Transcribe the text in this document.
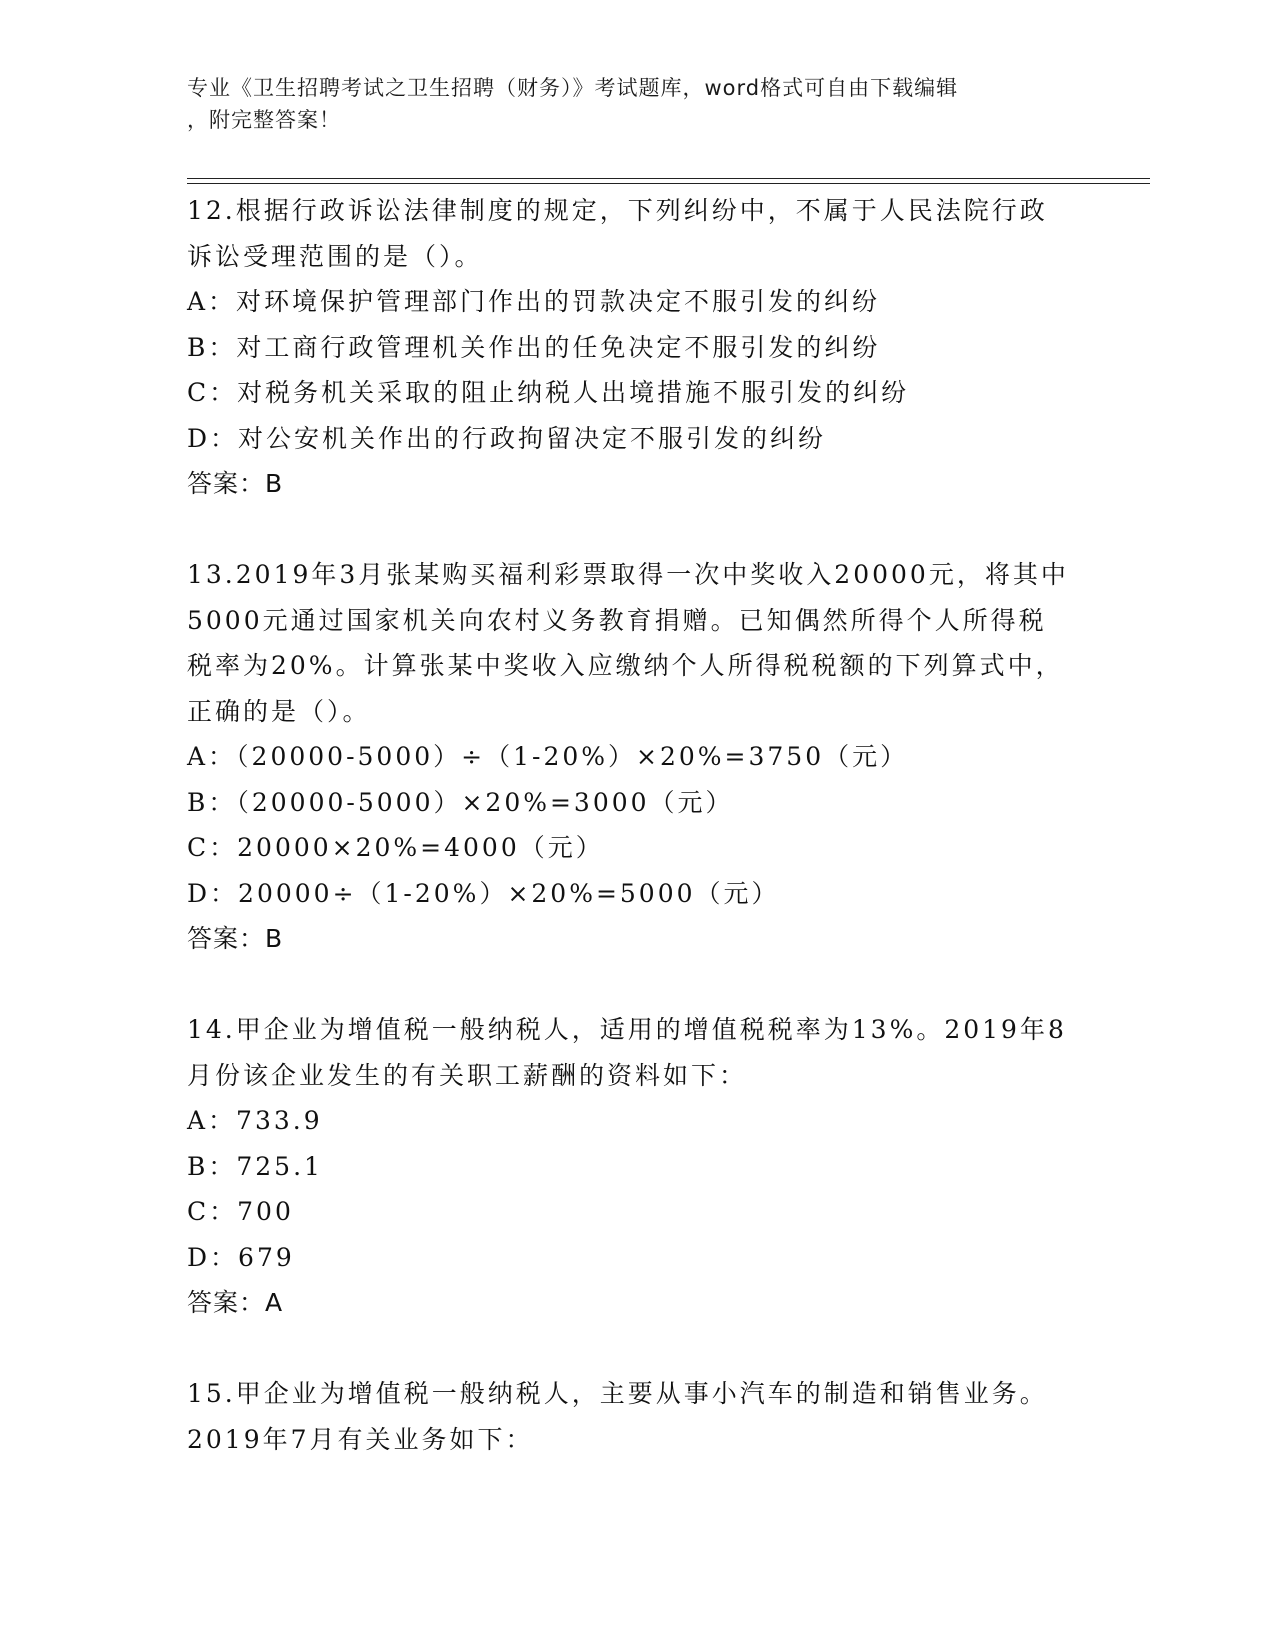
专业《卫生招聘考试之卫生招聘（财务）》考试题库，word格式可自由下载编辑
，附完整答案！
12.根据行政诉讼法律制度的规定，下列纠纷中，不属于人民法院行政
诉讼受理范围的是（）。
A：对环境保护管理部门作出的罚款决定不服引发的纠纷
B：对工商行政管理机关作出的任免决定不服引发的纠纷
C：对税务机关采取的阻止纳税人出境措施不服引发的纠纷
D：对公安机关作出的行政拘留决定不服引发的纠纷
答案：B
13.2019年3月张某购买福利彩票取得一次中奖收入20000元，将其中
5000元通过国家机关向农村义务教育捐赠。已知偶然所得个人所得税
税率为20%。计算张某中奖收入应缴纳个人所得税税额的下列算式中，
正确的是（）。
A：（20000-5000）÷（1-20%）×20%=3750（元）
B：（20000-5000）×20%=3000（元）
C：20000×20%=4000（元）
D：20000÷（1-20%）×20%=5000（元）
答案：B
14.甲企业为增值税一般纳税人，适用的增值税税率为13%。2019年8
月份该企业发生的有关职工薪酬的资料如下：
A：733.9
B：725.1
C：700
D：679
答案：A
15.甲企业为增值税一般纳税人，主要从事小汽车的制造和销售业务。
2019年7月有关业务如下：
